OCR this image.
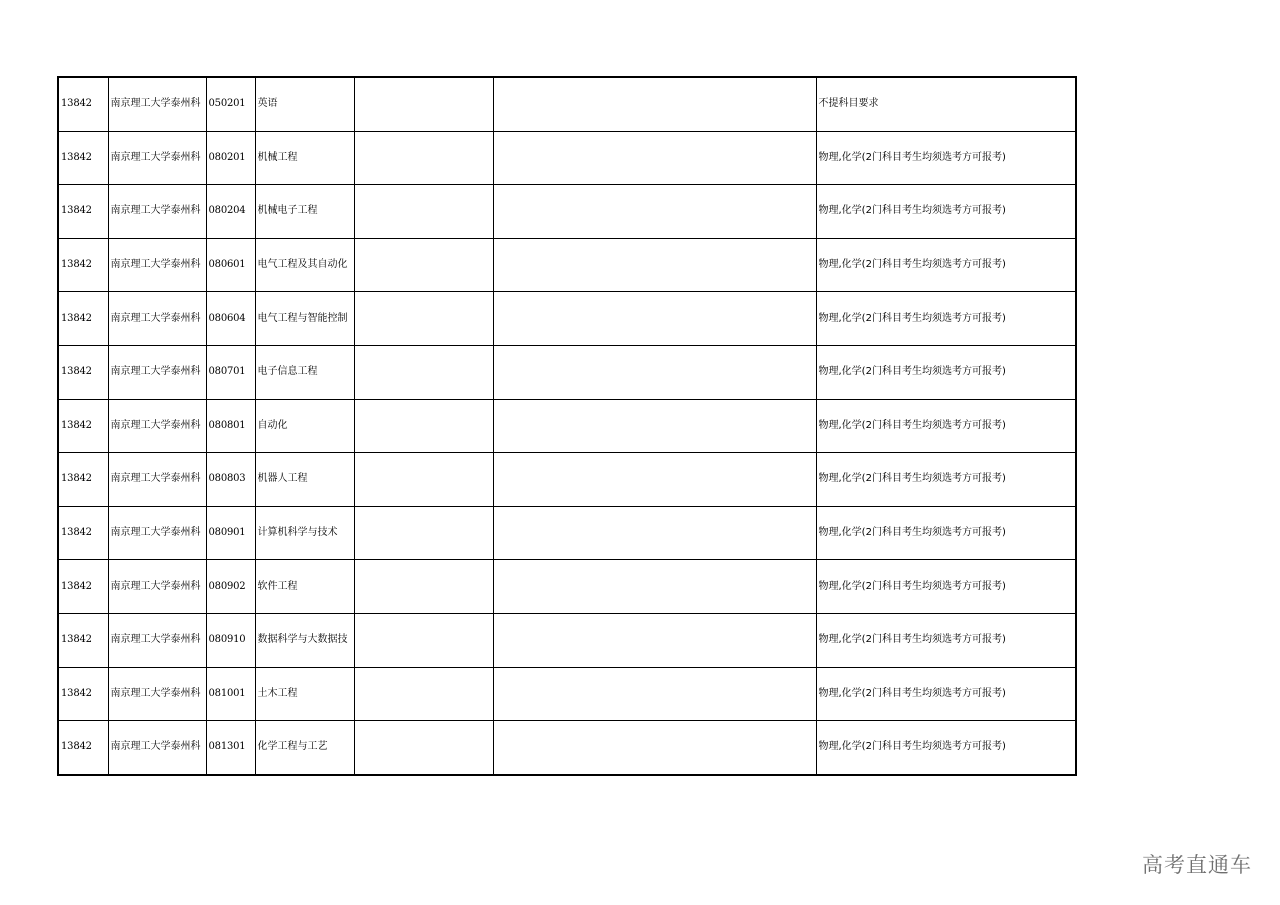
13842	南京理工大学泰州科	050201	英语			不提科目要求
13842	南京理工大学泰州科	080201	机械工程			物理,化学(2门科目考生均须选考方可报考)
13842	南京理工大学泰州科	080204	机械电子工程			物理,化学(2门科目考生均须选考方可报考)
13842	南京理工大学泰州科	080601	电气工程及其自动化			物理,化学(2门科目考生均须选考方可报考)
13842	南京理工大学泰州科	080604	电气工程与智能控制			物理,化学(2门科目考生均须选考方可报考)
13842	南京理工大学泰州科	080701	电子信息工程			物理,化学(2门科目考生均须选考方可报考)
13842	南京理工大学泰州科	080801	自动化			物理,化学(2门科目考生均须选考方可报考)
13842	南京理工大学泰州科	080803	机器人工程			物理,化学(2门科目考生均须选考方可报考)
13842	南京理工大学泰州科	080901	计算机科学与技术			物理,化学(2门科目考生均须选考方可报考)
13842	南京理工大学泰州科	080902	软件工程			物理,化学(2门科目考生均须选考方可报考)
13842	南京理工大学泰州科	080910	数据科学与大数据技			物理,化学(2门科目考生均须选考方可报考)
13842	南京理工大学泰州科	081001	土木工程			物理,化学(2门科目考生均须选考方可报考)
13842	南京理工大学泰州科	081301	化学工程与工艺			物理,化学(2门科目考生均须选考方可报考)
高考直通车
